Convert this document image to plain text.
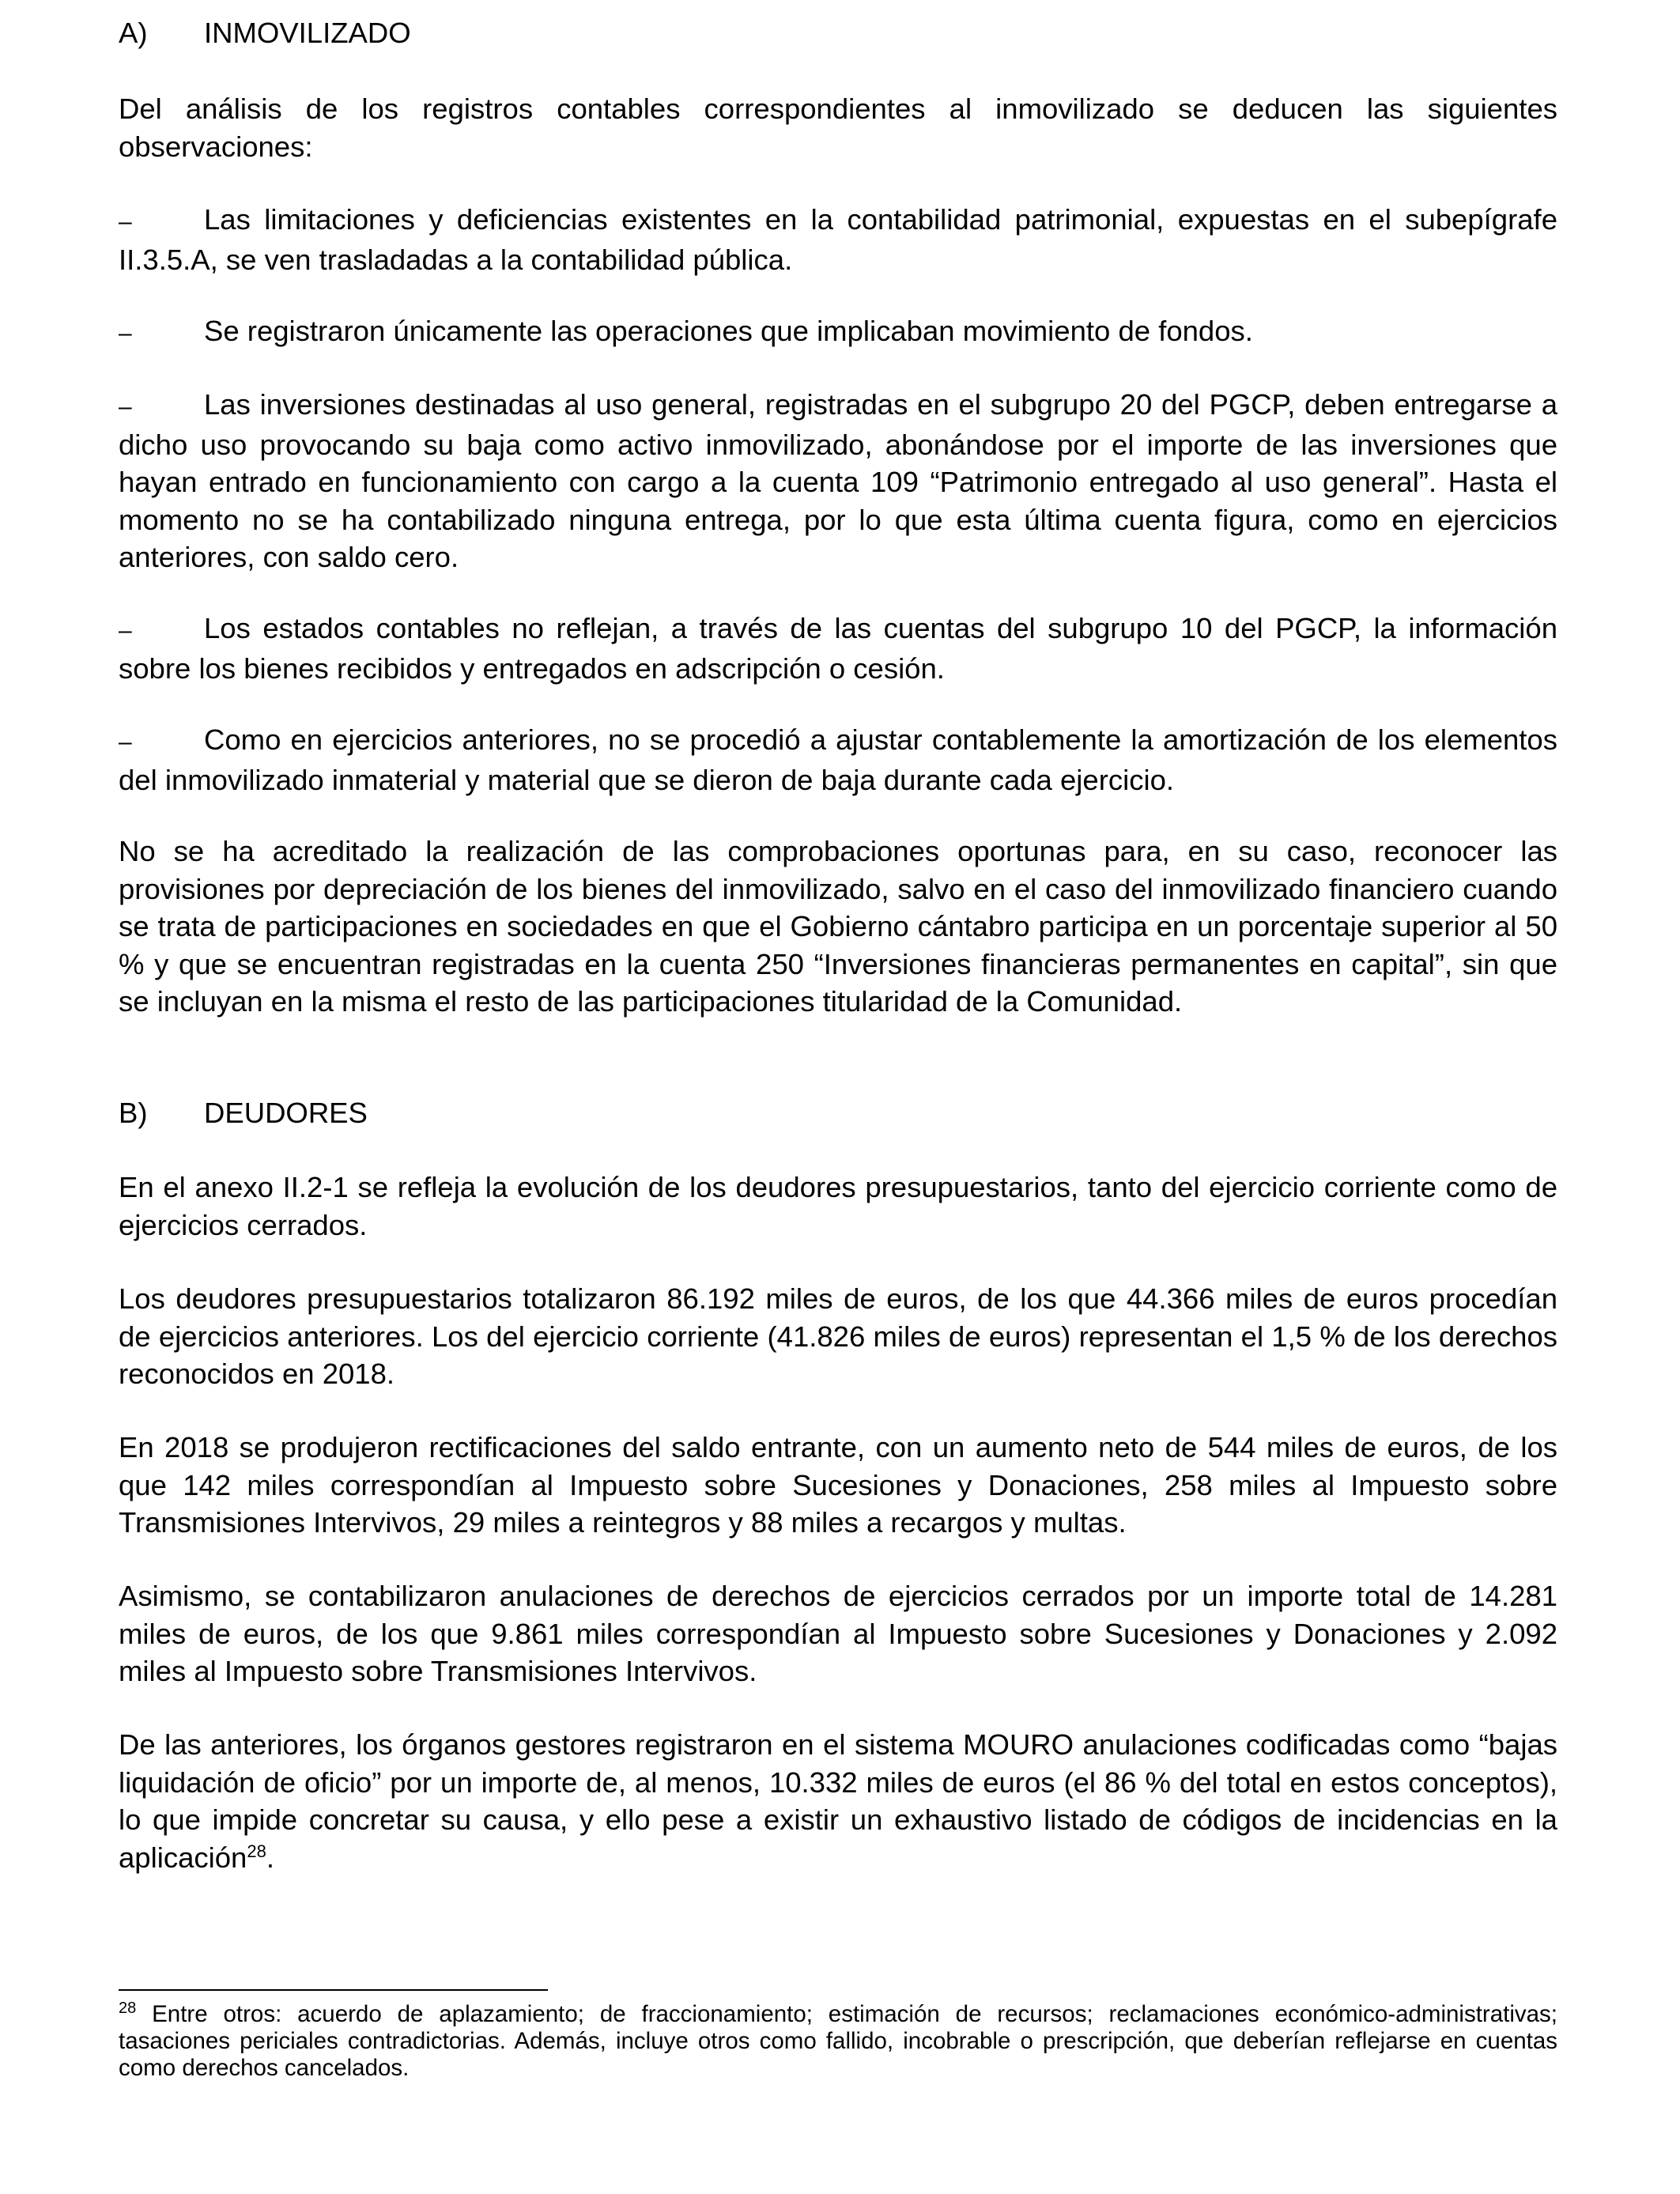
A) INMOVILIZADO

Del análisis de los registros contables correspondientes al inmovilizado se deducen las siguientes observaciones:

–	Las limitaciones y deficiencias existentes en la contabilidad patrimonial, expuestas en el subepígrafe II.3.5.A, se ven trasladadas a la contabilidad pública.

–	Se registraron únicamente las operaciones que implicaban movimiento de fondos.

–	Las inversiones destinadas al uso general, registradas en el subgrupo 20 del PGCP, deben entregarse a dicho uso provocando su baja como activo inmovilizado, abonándose por el importe de las inversiones que hayan entrado en funcionamiento con cargo a la cuenta 109 “Patrimonio entregado al uso general”. Hasta el momento no se ha contabilizado ninguna entrega, por lo que esta última cuenta figura, como en ejercicios anteriores, con saldo cero.

–	Los estados contables no reflejan, a través de las cuentas del subgrupo 10 del PGCP, la información sobre los bienes recibidos y entregados en adscripción o cesión.

–	Como en ejercicios anteriores, no se procedió a ajustar contablemente la amortización de los elementos del inmovilizado inmaterial y material que se dieron de baja durante cada ejercicio.

No se ha acreditado la realización de las comprobaciones oportunas para, en su caso, reconocer las provisiones por depreciación de los bienes del inmovilizado, salvo en el caso del inmovilizado financiero cuando se trata de participaciones en sociedades en que el Gobierno cántabro participa en un porcentaje superior al 50 % y que se encuentran registradas en la cuenta 250 “Inversiones financieras permanentes en capital”, sin que se incluyan en la misma el resto de las participaciones titularidad de la Comunidad.

B) DEUDORES

En el anexo II.2-1 se refleja la evolución de los deudores presupuestarios, tanto del ejercicio corriente como de ejercicios cerrados.

Los deudores presupuestarios totalizaron 86.192 miles de euros, de los que 44.366 miles de euros procedían de ejercicios anteriores. Los del ejercicio corriente (41.826 miles de euros) representan el 1,5 % de los derechos reconocidos en 2018.

En 2018 se produjeron rectificaciones del saldo entrante, con un aumento neto de 544 miles de euros, de los que 142 miles correspondían al Impuesto sobre Sucesiones y Donaciones, 258 miles al Impuesto sobre Transmisiones Intervivos, 29 miles a reintegros y 88 miles a recargos y multas.

Asimismo, se contabilizaron anulaciones de derechos de ejercicios cerrados por un importe total de 14.281 miles de euros, de los que 9.861 miles correspondían al Impuesto sobre Sucesiones y Donaciones y 2.092 miles al Impuesto sobre Transmisiones Intervivos.

De las anteriores, los órganos gestores registraron en el sistema MOURO anulaciones codificadas como “bajas liquidación de oficio” por un importe de, al menos, 10.332 miles de euros (el 86 % del total en estos conceptos), lo que impide concretar su causa, y ello pese a existir un exhaustivo listado de códigos de incidencias en la aplicación$^{28}$.

$^{28}$ Entre otros: acuerdo de aplazamiento; de fraccionamiento; estimación de recursos; reclamaciones económico-administrativas; tasaciones periciales contradictorias. Además, incluye otros como fallido, incobrable o prescripción, que deberían reflejarse en cuentas como derechos cancelados.
